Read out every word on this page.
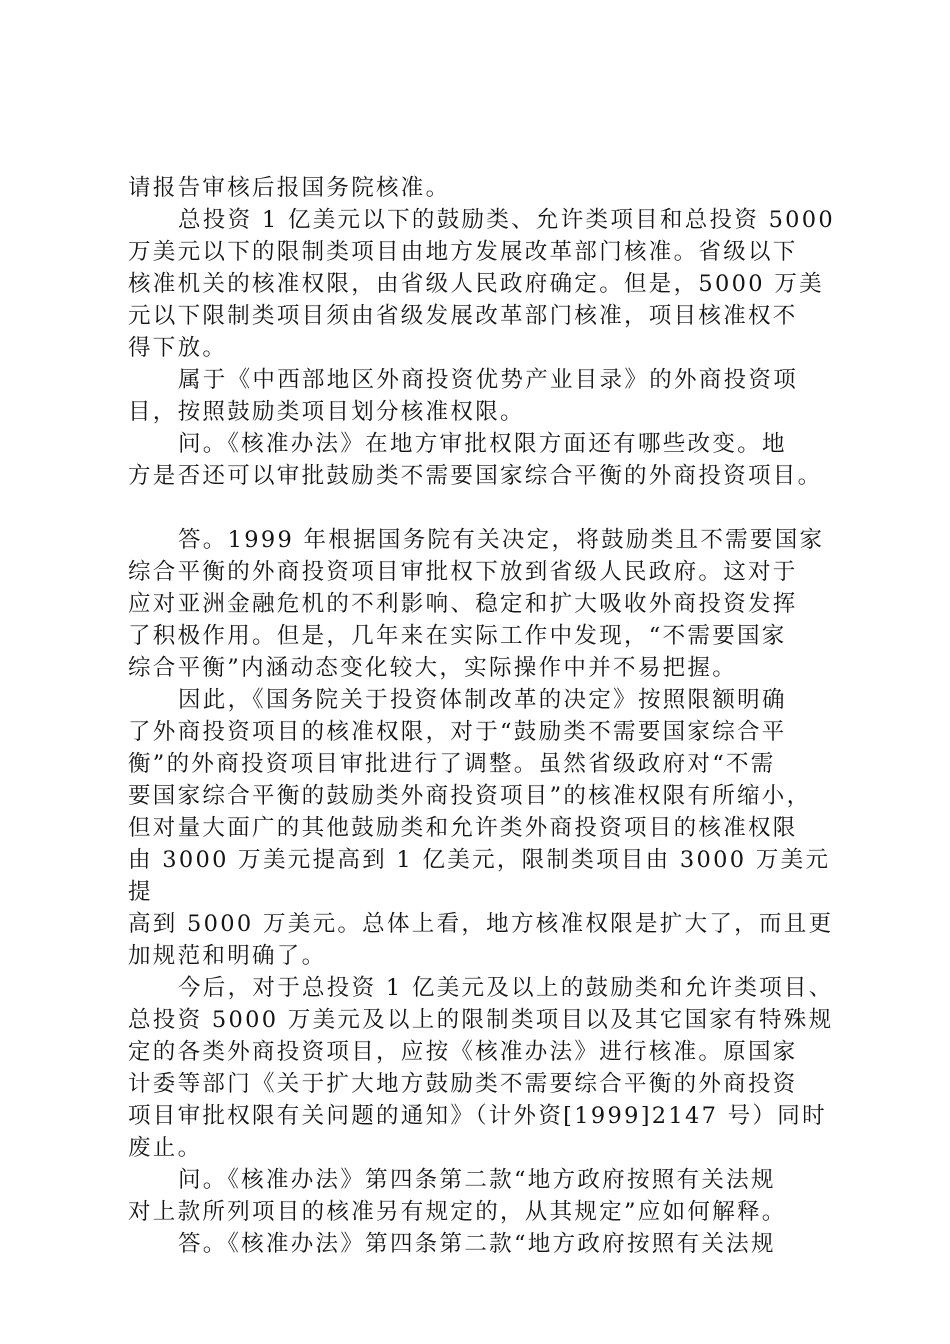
请报告审核后报国务院核准。

总投资 1 亿美元以下的鼓励类、允许类项目和总投资 5000
万美元以下的限制类项目由地方发展改革部门核准。省级以下
核准机关的核准权限，由省级人民政府确定。但是，5000 万美
元以下限制类项目须由省级发展改革部门核准，项目核准权不
得下放。

属于《中西部地区外商投资优势产业目录》的外商投资项
目，按照鼓励类项目划分核准权限。

问。《核准办法》在地方审批权限方面还有哪些改变。地
方是否还可以审批鼓励类不需要国家综合平衡的外商投资项目。

答。1999 年根据国务院有关决定，将鼓励类且不需要国家
综合平衡的外商投资项目审批权下放到省级人民政府。这对于
应对亚洲金融危机的不利影响、稳定和扩大吸收外商投资发挥
了积极作用。但是，几年来在实际工作中发现，“不需要国家
综合平衡”内涵动态变化较大，实际操作中并不易把握。

因此，《国务院关于投资体制改革的决定》按照限额明确
了外商投资项目的核准权限，对于“鼓励类不需要国家综合平
衡”的外商投资项目审批进行了调整。虽然省级政府对“不需
要国家综合平衡的鼓励类外商投资项目”的核准权限有所缩小，
但对量大面广的其他鼓励类和允许类外商投资项目的核准权限
由 3000 万美元提高到 1 亿美元，限制类项目由 3000 万美元提
高到 5000 万美元。总体上看，地方核准权限是扩大了，而且更
加规范和明确了。

今后，对于总投资 1 亿美元及以上的鼓励类和允许类项目、
总投资 5000 万美元及以上的限制类项目以及其它国家有特殊规
定的各类外商投资项目，应按《核准办法》进行核准。原国家
计委等部门《关于扩大地方鼓励类不需要综合平衡的外商投资
项目审批权限有关问题的通知》（计外资[1999]2147 号）同时
废止。

问。《核准办法》第四条第二款“地方政府按照有关法规
对上款所列项目的核准另有规定的，从其规定”应如何解释。

答。《核准办法》第四条第二款“地方政府按照有关法规
